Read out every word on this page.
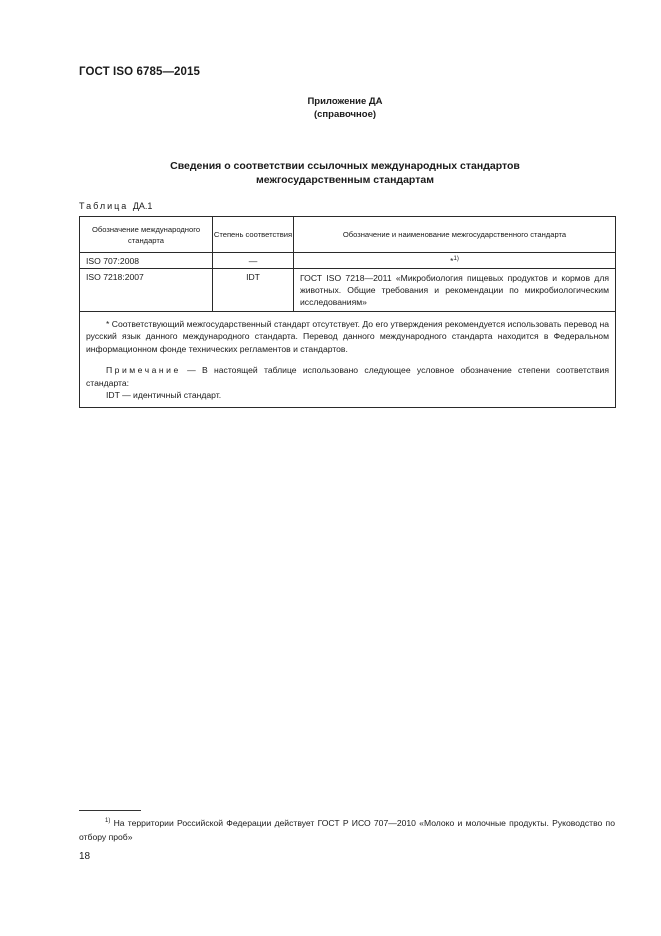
ГОСТ ISO 6785—2015
Приложение ДА
(справочное)
Сведения о соответствии ссылочных международных стандартов
межгосударственным стандартам
Таблица ДА.1
Обозначение международного стандарта	Степень соответствия	Обозначение и наименование межгосударственного стандарта
ISO 707:2008	—	*$^{1)}$
ISO 7218:2007	IDT	ГОСТ ISO 7218—2011 «Микробиология пищевых продуктов и кормов для животных. Общие требования и рекомендации по микробиологическим исследованиям»

* Соответствующий межгосударственный стандарт отсутствует. До его утверждения рекомендуется использовать перевод на русский язык данного международного стандарта. Перевод данного международного стандарта находится в Федеральном информационном фонде технических регламентов и стандартов.

Примечание — В настоящей таблице использовано следующее условное обозначение степени соответствия стандарта:

IDT — идентичный стандарт.		

$^{1)}$ На территории Российской Федерации действует ГОСТ Р ИСО 707—2010 «Молоко и молочные продукты. Руководство по отбору проб»

18
